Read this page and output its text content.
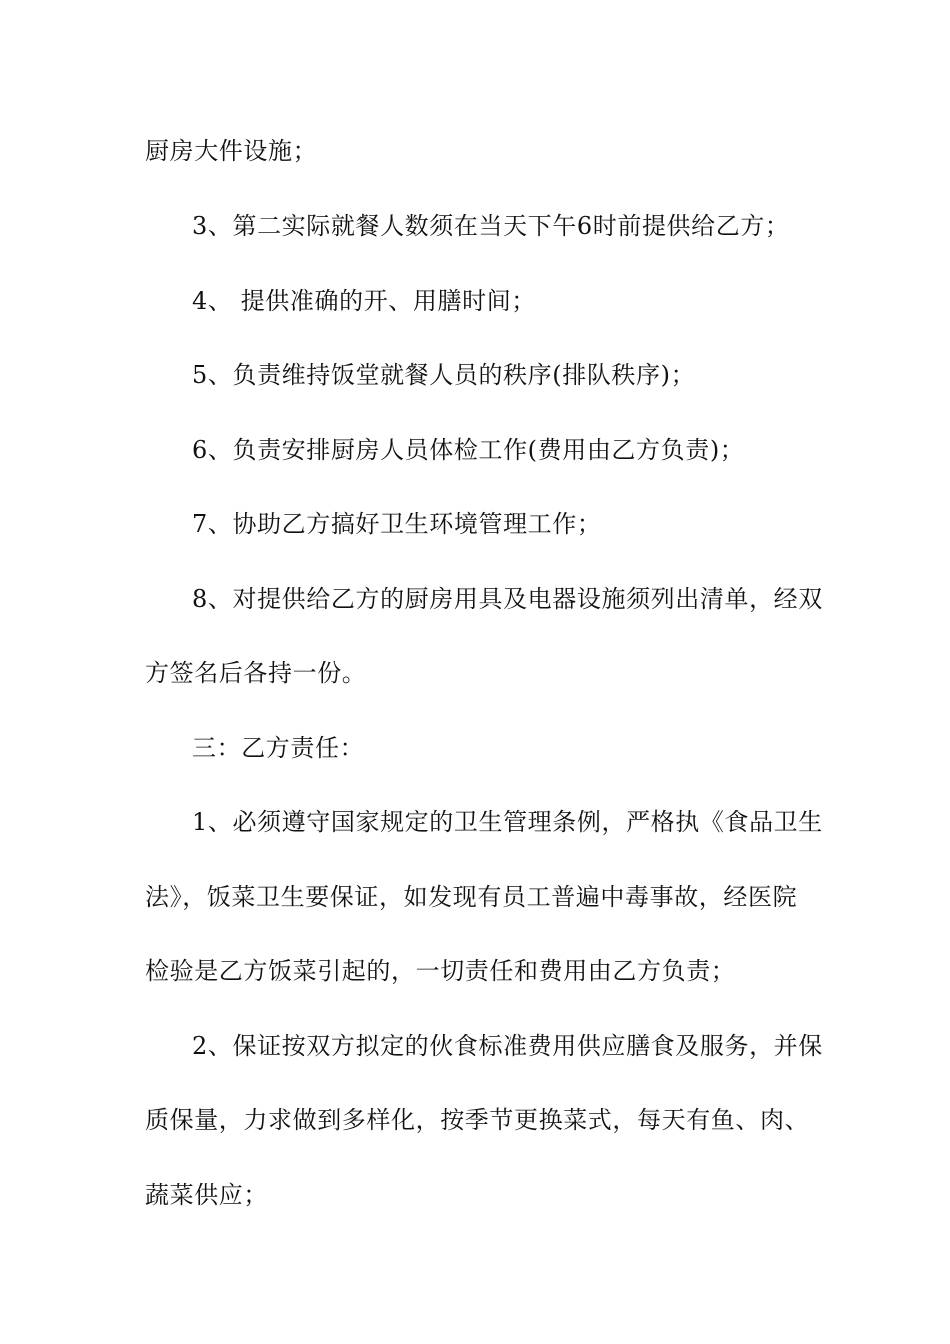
厨房大件设施；
3、第二实际就餐人数须在当天下午6时前提供给乙方；
4、 提供准确的开、用膳时间；
5、负责维持饭堂就餐人员的秩序(排队秩序)；
6、负责安排厨房人员体检工作(费用由乙方负责)；
7、协助乙方搞好卫生环境管理工作；
8、对提供给乙方的厨房用具及电器设施须列出清单，经双
方签名后各持一份。
三：乙方责任：
1、必须遵守国家规定的卫生管理条例，严格执《食品卫生
法》，饭菜卫生要保证，如发现有员工普遍中毒事故，经医院
检验是乙方饭菜引起的，一切责任和费用由乙方负责；
2、保证按双方拟定的伙食标准费用供应膳食及服务，并保
质保量，力求做到多样化，按季节更换菜式，每天有鱼、肉、
蔬菜供应；
